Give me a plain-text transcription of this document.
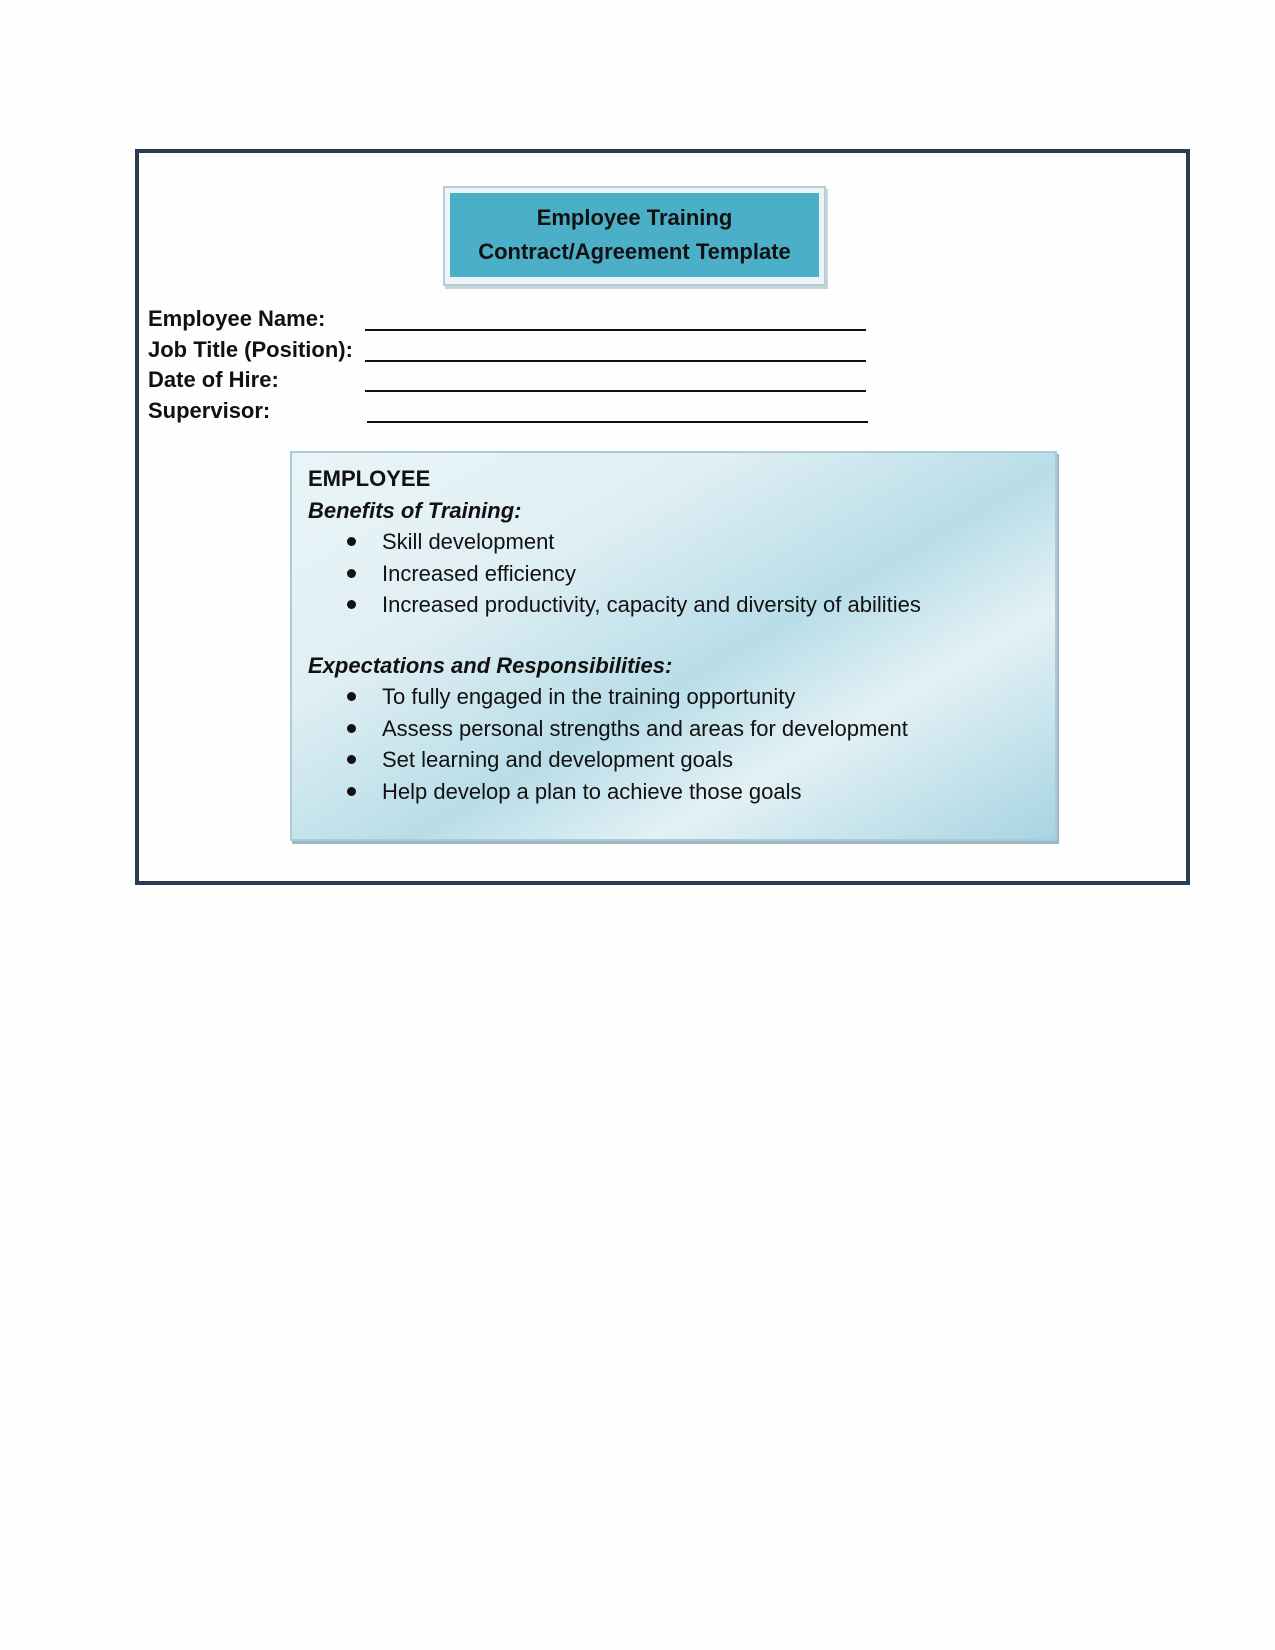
Employee Training
Contract/Agreement Template
Employee Name:
Job Title (Position):
Date of Hire:
Supervisor:
EMPLOYEE
Benefits of Training:
Skill development
Increased efficiency
Increased productivity, capacity and diversity of abilities
Expectations and Responsibilities:
To fully engaged in the training opportunity
Assess personal strengths and areas for development
Set learning and development goals
Help develop a plan to achieve those goals
